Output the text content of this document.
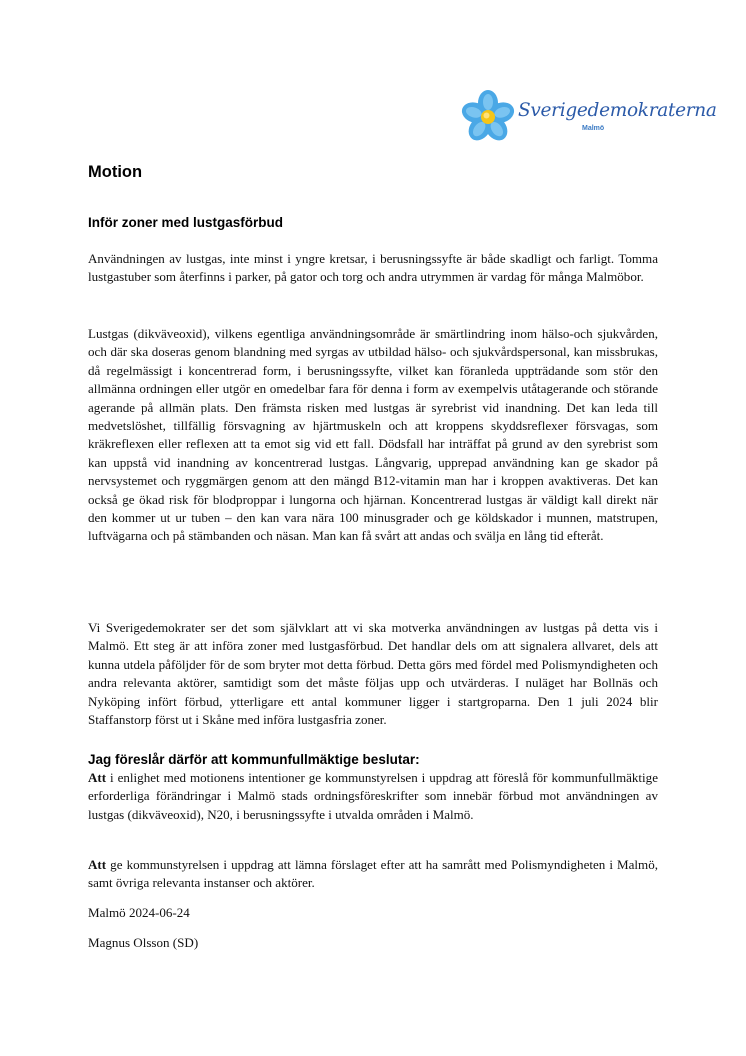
Sverigedemokraterna
Malmö
Motion
Inför zoner med lustgasförbud

Användningen av lustgas, inte minst i yngre kretsar, i berusningssyfte är både skadligt och farligt. Tomma lustgastuber som återfinns i parker, på gator och torg och andra utrymmen är vardag för många Malmöbor.

Lustgas (dikväveoxid), vilkens egentliga användningsområde är smärtlindring inom hälso-och sjukvården, och där ska doseras genom blandning med syrgas av utbildad hälso- och sjukvårdspersonal, kan missbrukas, då regelmässigt i koncentrerad form, i berusningssyfte, vilket kan föranleda uppträdande som stör den allmänna ordningen eller utgör en omedelbar fara för denna i form av exempelvis utåtagerande och störande agerande på allmän plats. Den främsta risken med lustgas är syrebrist vid inandning. Det kan leda till medvetslöshet, tillfällig försvagning av hjärtmuskeln och att kroppens skyddsreflexer försvagas, som kräkreflexen eller reflexen att ta emot sig vid ett fall. Dödsfall har inträffat på grund av den syrebrist som kan uppstå vid inandning av koncentrerad lustgas. Långvarig, upprepad användning kan ge skador på nervsystemet och ryggmärgen genom att den mängd B12-vitamin man har i kroppen avaktiveras. Det kan också ge ökad risk för blodproppar i lungorna och hjärnan. Koncentrerad lustgas är väldigt kall direkt när den kommer ut ur tuben – den kan vara nära 100 minusgrader och ge köldskador i munnen, matstrupen, luftvägarna och på stämbanden och näsan. Man kan få svårt att andas och svälja en lång tid efteråt.

Vi Sverigedemokrater ser det som självklart att vi ska motverka användningen av lustgas på detta vis i Malmö. Ett steg är att införa zoner med lustgasförbud. Det handlar dels om att signalera allvaret, dels att kunna utdela påföljder för de som bryter mot detta förbud. Detta görs med fördel med Polismyndigheten och andra relevanta aktörer, samtidigt som det måste följas upp och utvärderas. I nuläget har Bollnäs och Nyköping infört förbud, ytterligare ett antal kommuner ligger i startgroparna. Den 1 juli 2024 blir Staffanstorp först ut i Skåne med införa lustgasfria zoner.

Jag föreslår därför att kommunfullmäktige beslutar:

Att i enlighet med motionens intentioner ge kommunstyrelsen i uppdrag att föreslå för kommunfullmäktige erforderliga förändringar i Malmö stads ordningsföreskrifter som innebär förbud mot användningen av lustgas (dikväveoxid), N20, i berusningssyfte i utvalda områden i Malmö.

Att ge kommunstyrelsen i uppdrag att lämna förslaget efter att ha samrått med Polismyndigheten i Malmö, samt övriga relevanta instanser och aktörer.

Malmö 2024-06-24
Magnus Olsson (SD)
